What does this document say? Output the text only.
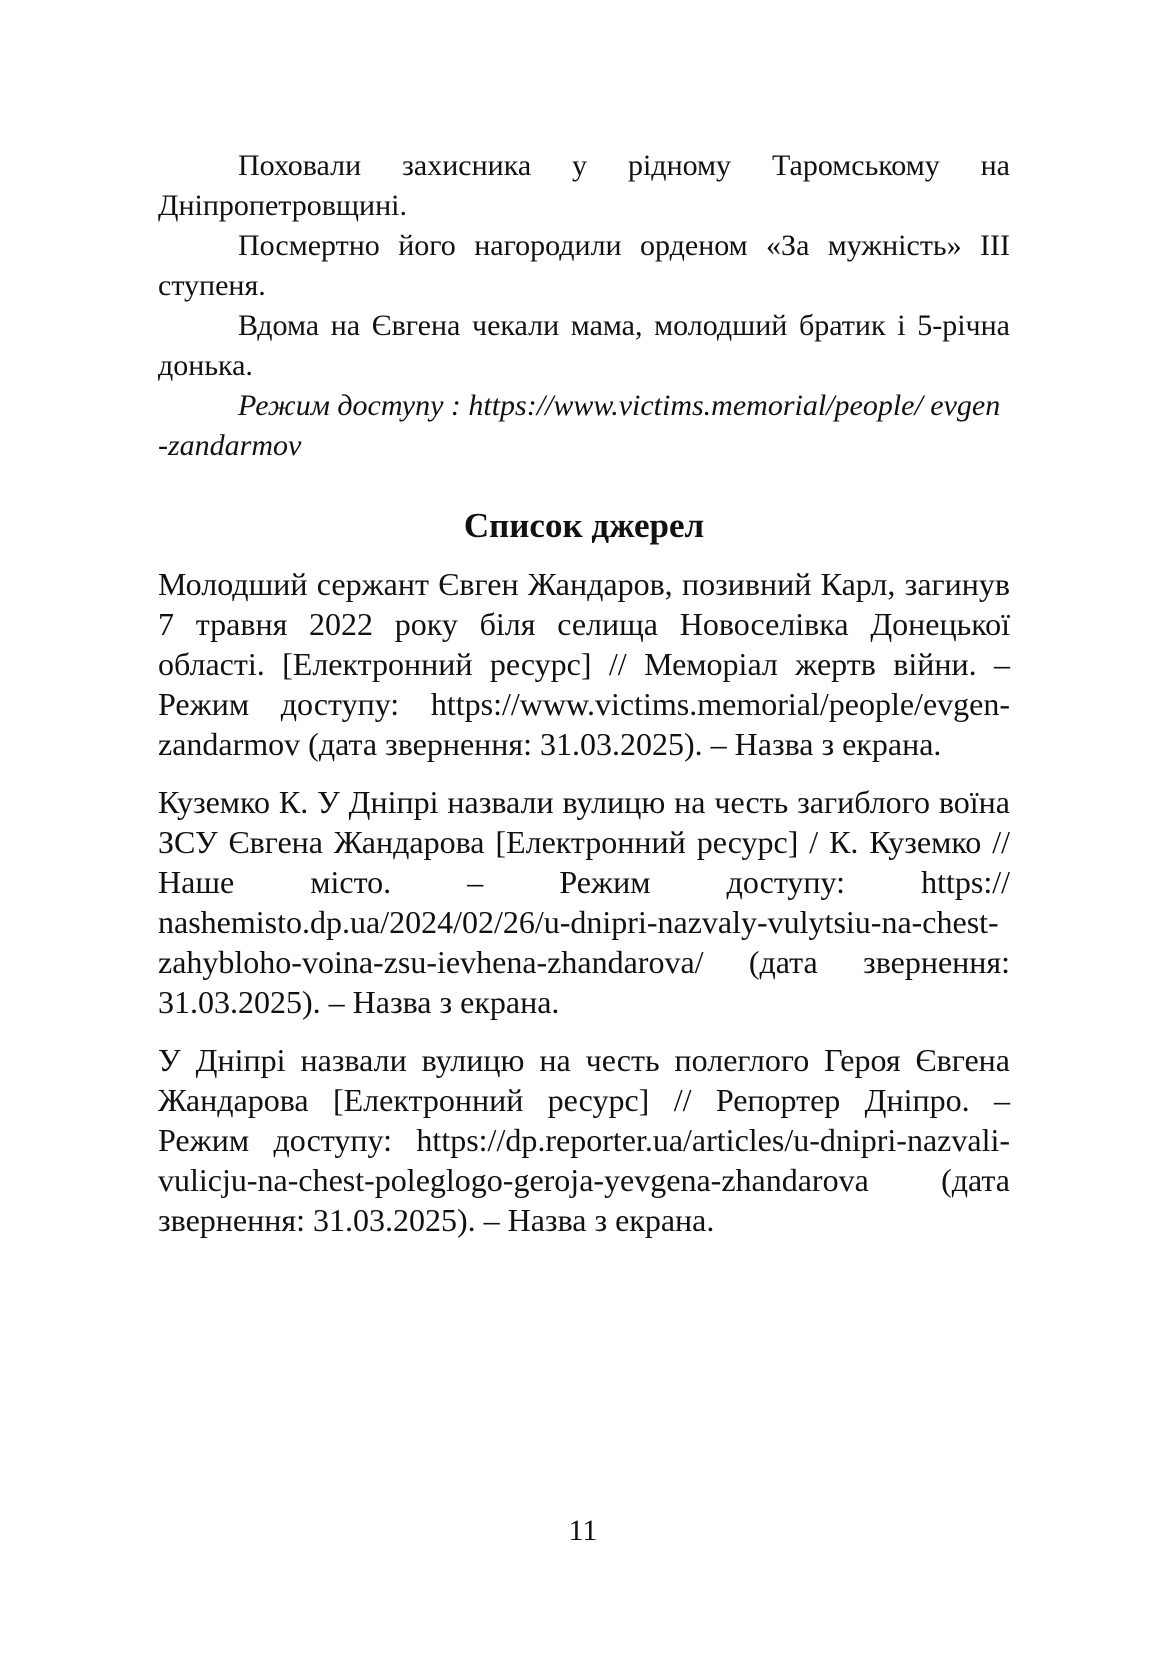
Поховали захисника у рідному Таромському на Дніпропетровщині.

Посмертно його нагородили орденом «За мужність» ІІІ ступеня.

Вдома на Євгена чекали мама, молодший братик і 5-річна донька.

Режим доступу : https://www.victims.memorial/people/ evgen-zandarmov

Список джерел

Молодший сержант Євген Жандаров, позивний Карл, загинув 7 травня 2022 року біля селища Новоселівка Донецької області. [Електронний ресурс] // Меморіал жертв війни. – Режим доступу: https://www.victims.memorial/people/evgen-zandarmov (дата звернення: 31.03.2025). – Назва з екрана.

Куземко К. У Дніпрі назвали вулицю на честь загиблого воїна ЗСУ Євгена Жандарова [Електронний ресурс] / К. Куземко // Наше місто. – Режим доступу: https:// nashemisto.dp.ua/2024/02/26/u-dnipri-nazvaly-vulytsiu-na-chest-zahybloho-voina-zsu-ievhena-zhandarova/ (дата звернення: 31.03.2025). – Назва з екрана.

У Дніпрі назвали вулицю на честь полеглого Героя Євгена Жандарова [Електронний ресурс] // Репортер Дніпро. – Режим доступу: https://dp.reporter.ua/articles/u-dnipri-nazvali-vulicju-na-chest-poleglogo-geroja-yevgena-zhandarova (дата звернення: 31.03.2025). – Назва з екрана.

11
